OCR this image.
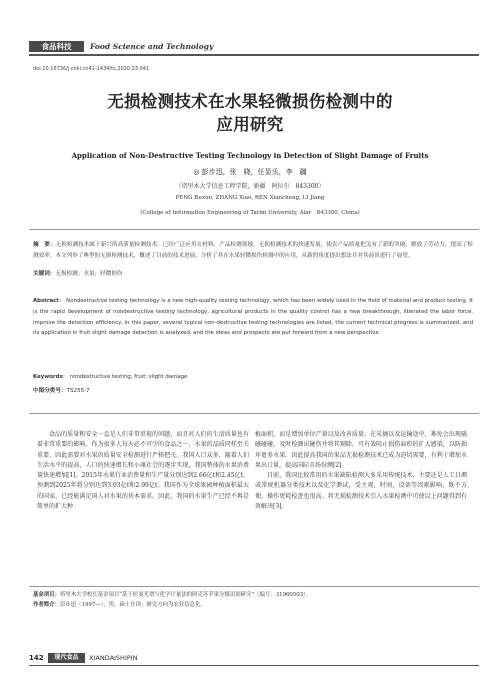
食品科技	Food Science and Technology
doi:10.16736/j.cnki.cn41-1434/ts.2020.23.041
无损检测技术在水果轻微损伤检测中的
应用研究
Application of Non-Destructive Testing Technology in Detection of Slight Damage of Fruits
◎ 彭步迅，张　晓，任显丞，李　疆
（塔里木大学信息工程学院，新疆　阿拉尔　843300）
PENG Buxun, ZHANG Xiao, REN Xiancheng, LI Jiang
(College of Information Engineering of Tarim University, Alar　843300, China)
摘　要：无损检测技术属于新兴的高质量检测技术，已经广泛应用在材料、产品检测领域。无损检测技术的快速发展，使农产品质量把关有了新的突破，解放了劳动力，提高了检测效率。本文列举了典型的无损检测技术，概述了目前的技术进展，分析了其在水果轻微损伤检测中的应用，从新的角度提出想法并对其前景进行了展望。
关键词：无损检测；水果；轻微损伤
Abstract： Nondestructive testing technology is a new high-quality testing technology, which has been widely used in the field of material and product testing. It is the rapid development of nondestructive testing technology, agricultural products in the quality control has a new breakthrough, liberated the labor force, improve the detection efficiency. In this paper, several typical non-destructive testing technologies are listed, the current technical progress is summarized, and its application in fruit slight damage detection is analyzed, and the ideas and prospects are put forward from a new perspective.
Keywords： nondestructive testing; fruit; slight damage
中图分类号：TS255.7

食品的质量和安全一直是人们非常重视的问题，而且对人们的生活质量也有着非常重要的影响。作为很多人每天必不可少的食品之一，水果的品质同样至关重要，因此需要对水果的质量安全检测进行严格把关。我国人口众多，随着人们生活水平的提高，人口的快速增长和小康社会的逐步实现，我国整体的水果消费量快速增加[1]。2015年水果行业消费量和生产量分别达到2.66亿t和2.45亿t，预测到2025年将分别达到3.03亿t和2.99亿t。我国作为全球果园种植面积最大的国家，已经能满足国人对水果的基本需求。因此，我国的水果生产已经不再是简单的扩大种

植面积，而是增加单位产量以及改善质量。在采摘以及运输途中，难免会出现磕碰碰碰，及时检测出碰伤并将其剔除，可有效阻止损伤面积的扩大感染，以防损坏更多水果。因此提高我国的果品无损检测技术已成为迫切需要，有利于增加水果出口量，提高国际市场份额[2]。

目前，我国比较常用的水果缺陷检测大多采用传统技术，主要还是人工目测或常规机器分类技术以及化学测试，受主观，时间，设备等因素影响，既不方便，操作更耗检查也很高。将无损检测技术引入水果检测中可使以上问题得到有效解决[3]。

基金项目：塔里木大学校长基金项目“基于拉曼光谱与化学计量法的阿克苏苹果分级识别研究”（编号：31960503）。
作者简介：彭步迅（1997—），男，硕士在读；研究方向为农业信息化。
142	现代食品	XIANDAISHIPIN
